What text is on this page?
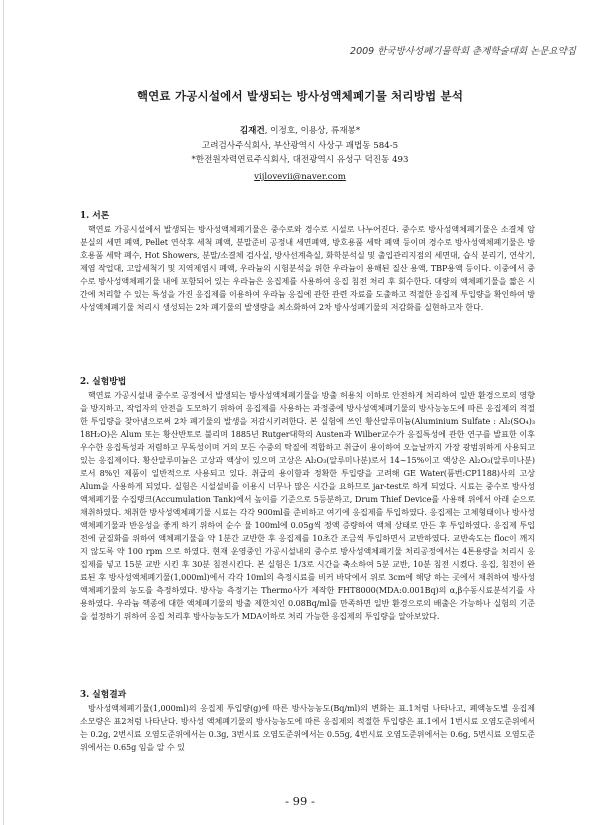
2009 한국방사성폐기물학회 춘계학술대회 논문요약집
핵연료 가공시설에서 발생되는 방사성액체폐기물 처리방법 분석
김재건, 이정호, 이용상, 류재봉*
고려검사주식회사, 부산광역시 사상구 괘법동 584-5
*한전원자력연료주식회사, 대전광역시 유성구 덕진동 493
vijlovevii@naver.com
1. 서론

핵연료 가공시설에서 발생되는 방사성액체폐기물은 중수로와 경수로 시설로 나누어진다. 중수로 방사성액체폐기물은 소결체 암분실의 세면 폐액, Pellet 연삭후 세척 폐액, 분말준비 공정내 세면폐액, 방호용품 세탁 폐액 등이며 경수로 방사성액체폐기물은 방호용품 세탁 폐수, Hot Showers, 분말/소결체 검사실, 방사선계측실, 화학분석실 및 출입관리지점의 세면대, 습식 분리기, 연삭기, 제염 작업대, 고압세척기 및 지역제염시 폐액, 우라늄의 시험분석을 위한 우라늄이 용해된 질산 용액, TBP용액 등이다. 이중에서 중수로 방사성액체폐기물 내에 포함되어 있는 우라늄은 응집제를 사용하여 응집 침전 처리 후 회수한다. 대량의 액체폐기물을 짧은 시간에 처리할 수 있는 특성을 가진 응집제를 이용하여 우라늄 응집에 관한 관련 자료를 도출하고 적절한 응집제 투입량을 확인하여 방사성액체폐기물 처리시 생성되는 2차 폐기물의 발생량을 최소화하여 2차 방사성폐기물의 저감화를 실현하고자 한다.

2. 실험방법

핵연료 가공시설내 중수로 공정에서 발생되는 방사성액체폐기물을 방출 허용치 이하로 안전하게 처리하여 일반 환경으로의 영향을 방지하고, 작업자의 안전을 도모하기 위하여 응집제를 사용하는 과정중에 방사성액체폐기물의 방사능농도에 따른 응집제의 적절한 투입량을 찾아냄으로써 2차 폐기물의 발생을 저감시키려한다. 본 실험에 쓰인 황산알루미늄(Aluminium Sulfate : Al₂(SO₄)₃ 18H₂O)은 Alum 또는 황산반토로 불리며 1885년 Rutger대학의 Austen과 Wilber교수가 응집특성에 관한 연구를 발표한 이후 우수한 응집특성과 저렴하고 무독성이며 거의 모든 수중의 탁질에 적합하고 취급이 용이하여 오늘날까지 가장 광범위하게 사용되고 있는 응집제이다. 황산알루미늄은 고상과 액상이 있으며 고상은 Al₂O₃(알루미나분)로서 14~15%이고 액상은 Al₂O₃(알루미나분)로서 8%인 제품이 일반적으로 사용되고 있다. 취급의 용이함과 정확한 투입량을 고려해 GE Water(품번:CP1188)사의 고상 Alum을 사용하게 되었다. 실험은 시설설비를 이용시 너무나 많은 시간을 요하므로 jar-test로 하게 되었다. 시료는 중수로 방사성액체폐기물 수집탱크(Accumulation Tank)에서 높이를 기준으로 5등분하고, Drum Thief Device를 사용해 위에서 아래 순으로 채취하였다. 채취한 방사성액체폐기물 시료는 각각 900ml를 준비하고 여기에 응집제를 투입하였다. 응집제는 고체형태이나 방사성액체폐기물과 반응성을 좋게 하기 위하여 순수 물 100ml에 0.05g씩 정액 증량하여 액체 상태로 만든 후 투입하였다. 응집제 투입 전에 균질화를 위하여 액체폐기물을 약 1분간 교반한 후 응집제를 10초간 조금씩 투입하면서 교반하였다. 교반속도는 floc이 깨지지 않도록 약 100 rpm 으로 하였다. 현재 운영중인 가공시설내의 중수로 방사성액체폐기물 처리공정에서는 4톤용량을 처리시 응집제를 넣고 15분 교반 시킨 후 30분 침전시킨다. 본 실험은 1/3로 시간을 축소하여 5분 교반, 10분 침전 시켰다. 응집, 침전이 완료된 후 방사성액체폐기물(1,000ml)에서 각각 10ml의 측정시료를 비커 바닥에서 위로 3cm에 해당 하는 곳에서 채취하여 방사성액체폐기물의 농도를 측정하였다. 방사능 측정기는 Thermo사가 제작한 FHT8000(MDA:0.001Bq)의 α,β수동시료분석기를 사용하였다. 우라늄 핵종에 대한 액체폐기물의 방출 제한치인 0.08Bq/ml를 만족하면 일반 환경으로의 배출은 가능하나 실험의 기준을 설정하기 위하여 응집 처리후 방사능농도가 MDA이하로 처리 가능한 응집제의 투입량을 알아보았다.

3. 실험결과

방사성액체폐기물(1,000ml)의 응집제 투입량(g)에 따른 방사능농도(Bq/ml)의 변화는 표.1처럼 나타나고, 폐액농도별 응집제 소모량은 표2처럼 나타난다. 방사성 액체폐기물의 방사능농도에 따른 응집제의 적절한 투입량은 표.1에서 1번시료 오염도준위에서는 0.2g, 2번시료 오염도준위에서는 0.3g, 3번시료 오염도준위에서는 0.55g, 4번시료 오염도준위에서는 0.6g, 5번시료 오염도준위에서는 0.65g 임을 알 수 있

- 99 -
